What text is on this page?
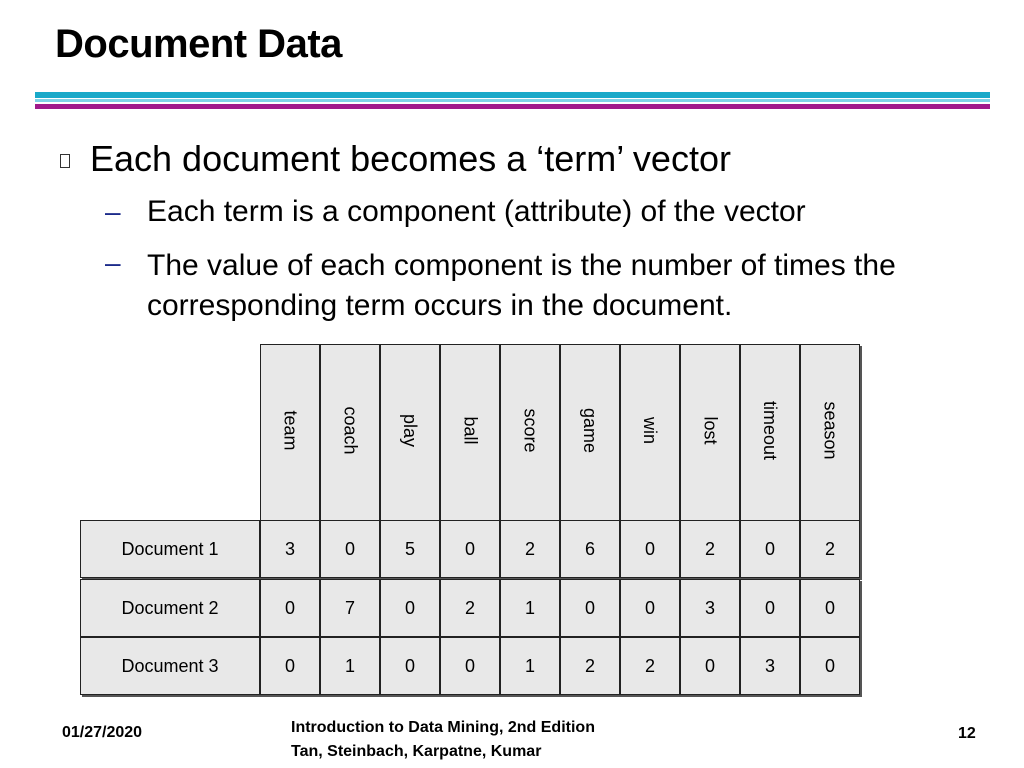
Document Data
Each document becomes a ‘term’ vector
– Each term is a component (attribute) of the vector
– The value of each component is the number of times the corresponding term occurs in the document.
team coach play ball score game win lost timeout season
Document 1	3	0	5	0	2	6	0	2	0	2
Document 2	0	7	0	2	1	0	0	3	0	0
Document 3	0	1	0	0	1	2	2	0	3	0
01/27/2020	Introduction to Data Mining, 2nd Edition
Tan, Steinbach, Karpatne, Kumar
12
